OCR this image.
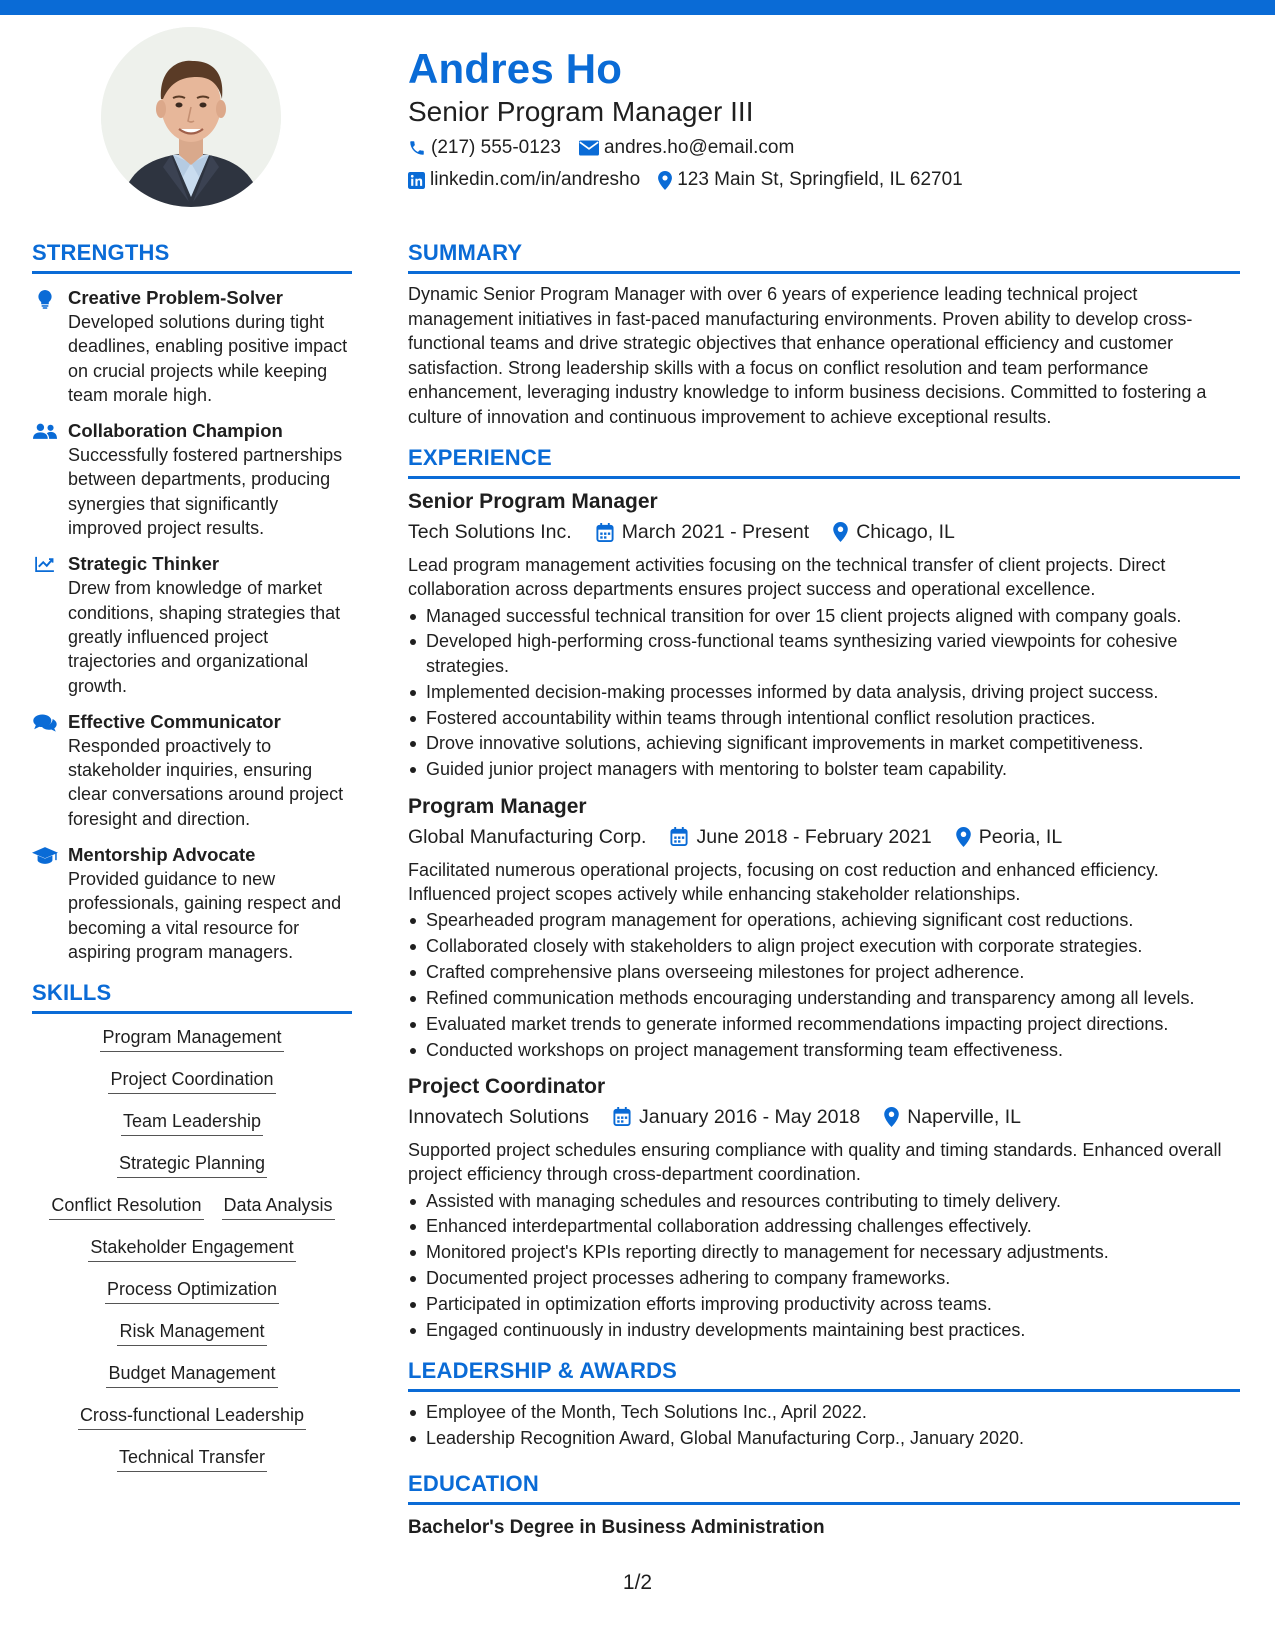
Andres Ho
Senior Program Manager III
(217) 555-0123 andres.ho@email.com
linkedin.com/in/andresho 123 Main St, Springfield, IL 62701
STRENGTHS
Creative Problem-Solver
Developed solutions during tight deadlines, enabling positive impact on crucial projects while keeping team morale high.
Collaboration Champion
Successfully fostered partnerships between departments, producing synergies that significantly improved project results.
Strategic Thinker
Drew from knowledge of market conditions, shaping strategies that greatly influenced project trajectories and organizational growth.
Effective Communicator
Responded proactively to stakeholder inquiries, ensuring clear conversations around project foresight and direction.
Mentorship Advocate
Provided guidance to new professionals, gaining respect and becoming a vital resource for aspiring program managers.
SKILLS
Program Management
Project Coordination
Team Leadership
Strategic Planning
Conflict Resolution Data Analysis
Stakeholder Engagement
Process Optimization
Risk Management
Budget Management
Cross-functional Leadership
Technical Transfer
SUMMARY
Dynamic Senior Program Manager with over 6 years of experience leading technical project management initiatives in fast-paced manufacturing environments. Proven ability to develop cross-functional teams and drive strategic objectives that enhance operational efficiency and customer satisfaction. Strong leadership skills with a focus on conflict resolution and team performance enhancement, leveraging industry knowledge to inform business decisions. Committed to fostering a culture of innovation and continuous improvement to achieve exceptional results.
EXPERIENCE
Senior Program Manager
Tech Solutions Inc.	March 2021 - Present Chicago, IL
Lead program management activities focusing on the technical transfer of client projects. Direct collaboration across departments ensures project success and operational excellence.
Managed successful technical transition for over 15 client projects aligned with company goals.
Developed high-performing cross-functional teams synthesizing varied viewpoints for cohesive strategies.
Implemented decision-making processes informed by data analysis, driving project success.
Fostered accountability within teams through intentional conflict resolution practices.
Drove innovative solutions, achieving significant improvements in market competitiveness.
Guided junior project managers with mentoring to bolster team capability.
Program Manager
Global Manufacturing Corp.	June 2018 - February 2021 Peoria, IL
Facilitated numerous operational projects, focusing on cost reduction and enhanced efficiency. Influenced project scopes actively while enhancing stakeholder relationships.
Spearheaded program management for operations, achieving significant cost reductions.
Collaborated closely with stakeholders to align project execution with corporate strategies.
Crafted comprehensive plans overseeing milestones for project adherence.
Refined communication methods encouraging understanding and transparency among all levels.
Evaluated market trends to generate informed recommendations impacting project directions.
Conducted workshops on project management transforming team effectiveness.
Project Coordinator
Innovatech Solutions	January 2016 - May 2018 Naperville, IL
Supported project schedules ensuring compliance with quality and timing standards. Enhanced overall project efficiency through cross-department coordination.
Assisted with managing schedules and resources contributing to timely delivery.
Enhanced interdepartmental collaboration addressing challenges effectively.
Monitored project's KPIs reporting directly to management for necessary adjustments.
Documented project processes adhering to company frameworks.
Participated in optimization efforts improving productivity across teams.
Engaged continuously in industry developments maintaining best practices.
LEADERSHIP & AWARDS
Employee of the Month, Tech Solutions Inc., April 2022.
Leadership Recognition Award, Global Manufacturing Corp., January 2020.
EDUCATION
Bachelor's Degree in Business Administration
1/2
